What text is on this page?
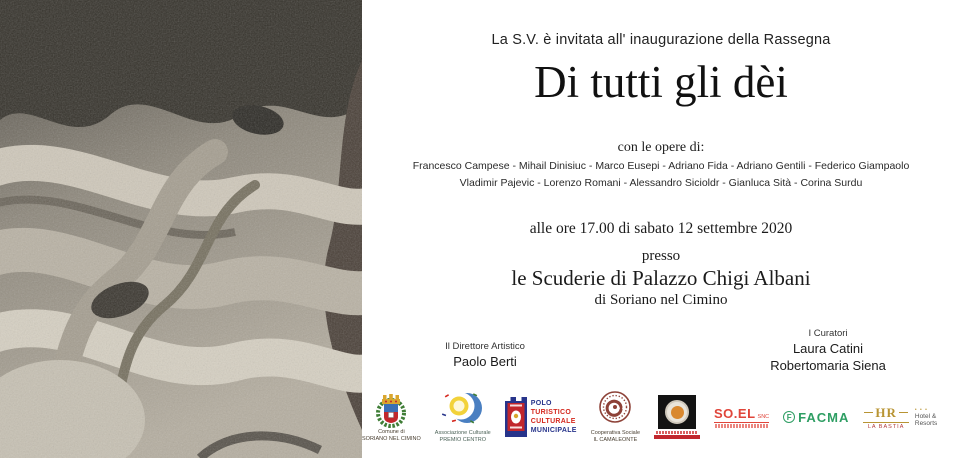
La S.V. è invitata all' inaugurazione della Rassegna
Di tutti gli dèi
con le opere di:
Francesco Campese - Mihail Dinisiuc - Marco Eusepi - Adriano Fida - Adriano Gentili - Federico Giampaolo
Vladimir Pajevic - Lorenzo Romani - Alessandro Sicioldr - Gianluca Sità - Corina Surdu
alle ore 17.00 di sabato 12 settembre 2020
presso
le Scuderie di Palazzo Chigi Albani
di Soriano nel Cimino
Il Direttore Artistico
Paolo Berti
I Curatori
Laura Catini
Robertomaria Siena
Comune di
SORIANO NEL CIMINO
Associazione Culturale
PREMIO CENTRO
POLO
TURISTICO
CULTURALE
MUNICIPALE	Cooperativa Sociale
IL CAMALEONTE
SO.EL SNC	F FACMA HR
LA BASTIA
• • •
Hotel & Resorts
